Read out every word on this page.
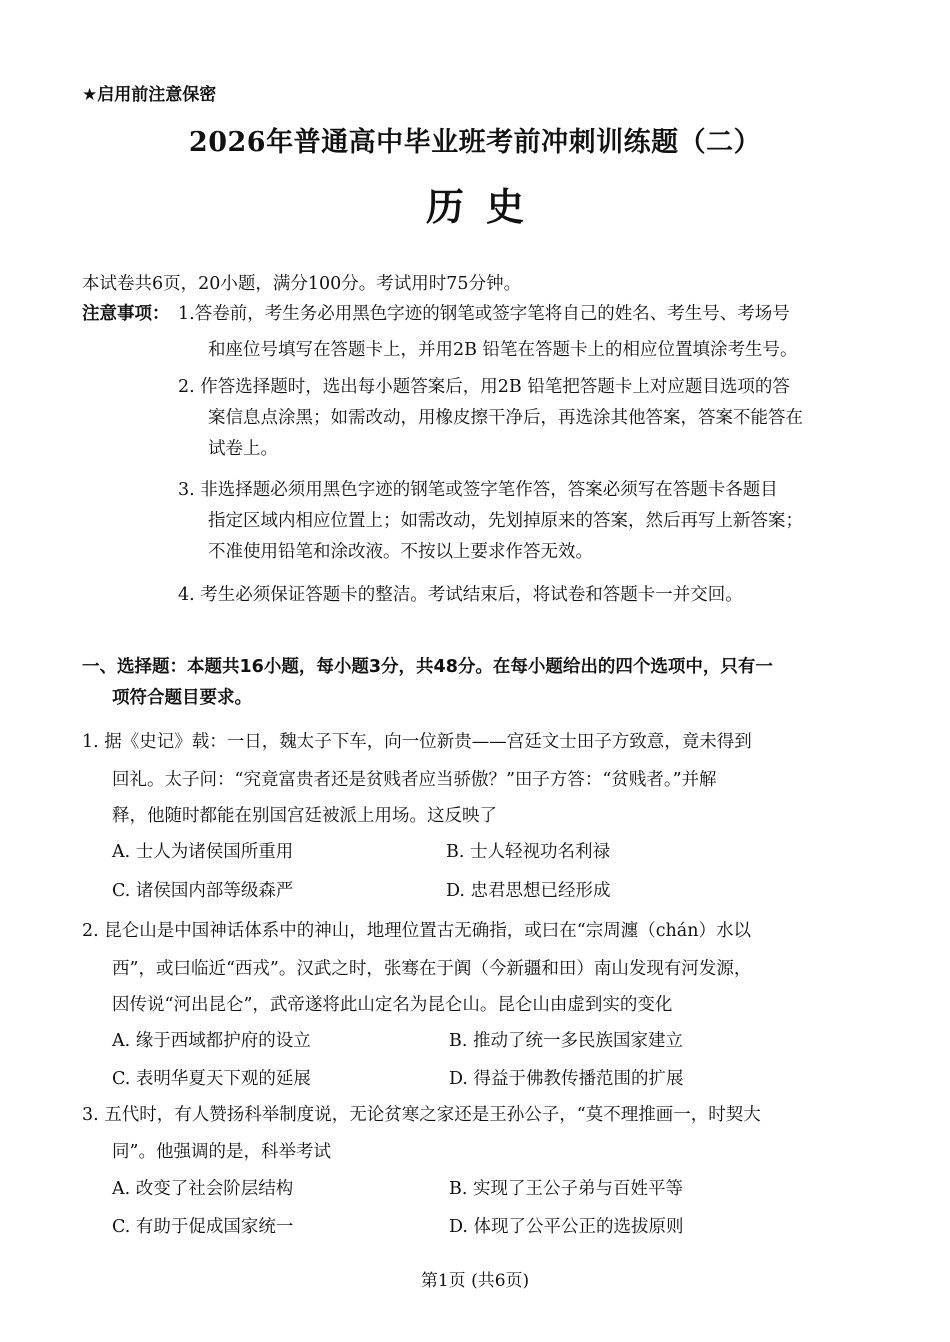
★启用前注意保密
2026年普通高中毕业班考前冲刺训练题（二）
历史
本试卷共6页，20小题，满分100分。考试用时75分钟。
注意事项： 1.答卷前，考生务必用黑色字迹的钢笔或签字笔将自己的姓名、考生号、考场号
和座位号填写在答题卡上，并用2B 铅笔在答题卡上的相应位置填涂考生号。
2. 作答选择题时，选出每小题答案后，用2B 铅笔把答题卡上对应题目选项的答
案信息点涂黑；如需改动，用橡皮擦干净后，再选涂其他答案，答案不能答在
试卷上。
3. 非选择题必须用黑色字迹的钢笔或签字笔作答，答案必须写在答题卡各题目
指定区域内相应位置上；如需改动，先划掉原来的答案，然后再写上新答案；
不准使用铅笔和涂改液。不按以上要求作答无效。
4. 考生必须保证答题卡的整洁。考试结束后，将试卷和答题卡一并交回。
一、选择题：本题共16小题，每小题3分，共48分。在每小题给出的四个选项中，只有一
项符合题目要求。
1. 据《史记》载：一日，魏太子下车，向一位新贵——宫廷文士田子方致意，竟未得到
回礼。太子问：“究竟富贵者还是贫贱者应当骄傲？”田子方答：“贫贱者。”并解
释，他随时都能在别国宫廷被派上用场。这反映了
A. 士人为诸侯国所重用	B. 士人轻视功名利禄
C. 诸侯国内部等级森严	D. 忠君思想已经形成
2. 昆仑山是中国神话体系中的神山，地理位置古无确指，或曰在“宗周瀍（chán）水以
西”，或曰临近“西戎”。汉武之时，张骞在于阗（今新疆和田）南山发现有河发源，
因传说“河出昆仑”，武帝遂将此山定名为昆仑山。昆仑山由虚到实的变化
A. 缘于西域都护府的设立	B. 推动了统一多民族国家建立
C. 表明华夏天下观的延展	D. 得益于佛教传播范围的扩展
3. 五代时，有人赞扬科举制度说，无论贫寒之家还是王孙公子，“莫不理推画一，时契大
同”。他强调的是，科举考试
A. 改变了社会阶层结构	B. 实现了王公子弟与百姓平等
C. 有助于促成国家统一	D. 体现了公平公正的选拔原则
第1页 (共6页)
